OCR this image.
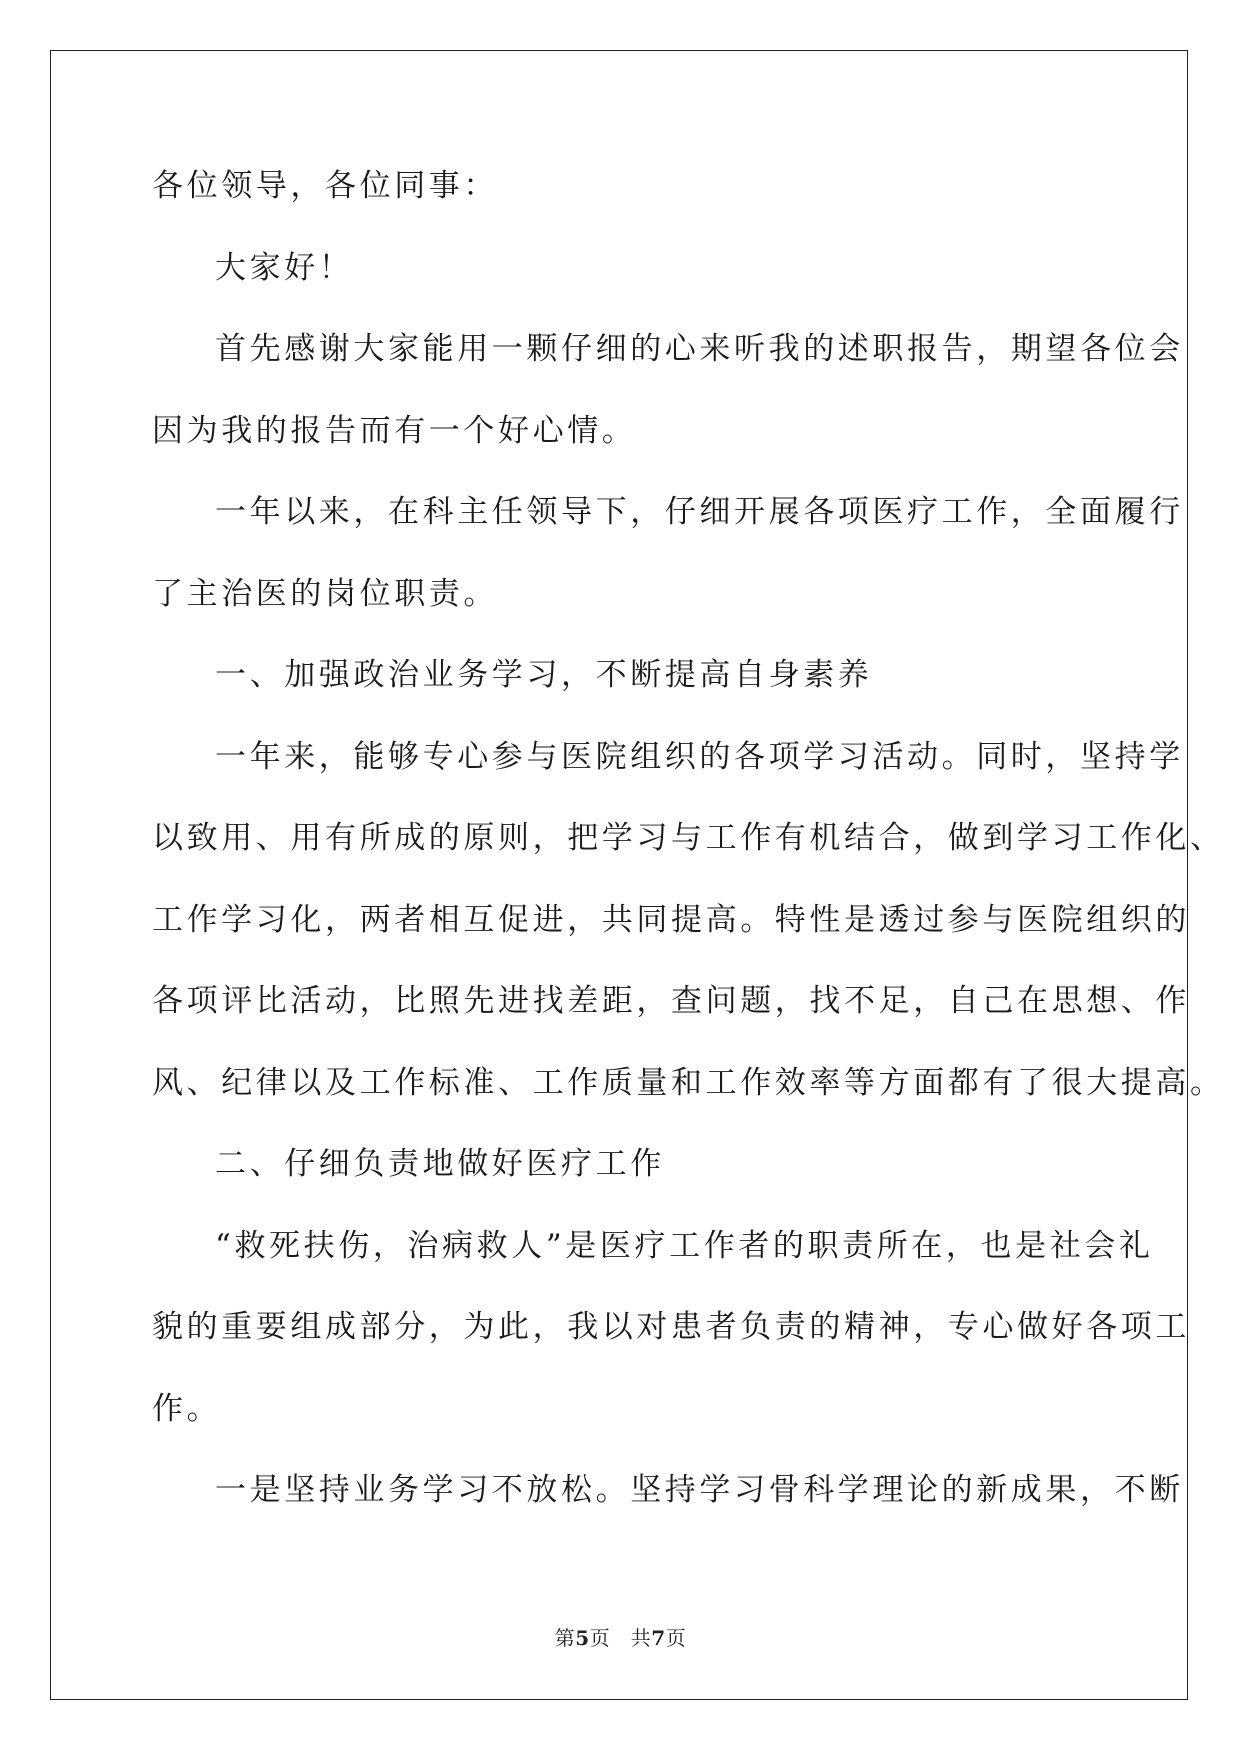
各位领导，各位同事：
大家好！
首先感谢大家能用一颗仔细的心来听我的述职报告，期望各位会
因为我的报告而有一个好心情。
一年以来，在科主任领导下，仔细开展各项医疗工作，全面履行
了主治医的岗位职责。
一、加强政治业务学习，不断提高自身素养
一年来，能够专心参与医院组织的各项学习活动。同时，坚持学
以致用、用有所成的原则，把学习与工作有机结合，做到学习工作化、
工作学习化，两者相互促进，共同提高。特性是透过参与医院组织的
各项评比活动，比照先进找差距，查问题，找不足，自己在思想、作
风、纪律以及工作标准、工作质量和工作效率等方面都有了很大提高。
二、仔细负责地做好医疗工作
“救死扶伤，治病救人”是医疗工作者的职责所在，也是社会礼
貌的重要组成部分，为此，我以对患者负责的精神，专心做好各项工
作。
一是坚持业务学习不放松。坚持学习骨科学理论的新成果，不断
第5页 共7页
